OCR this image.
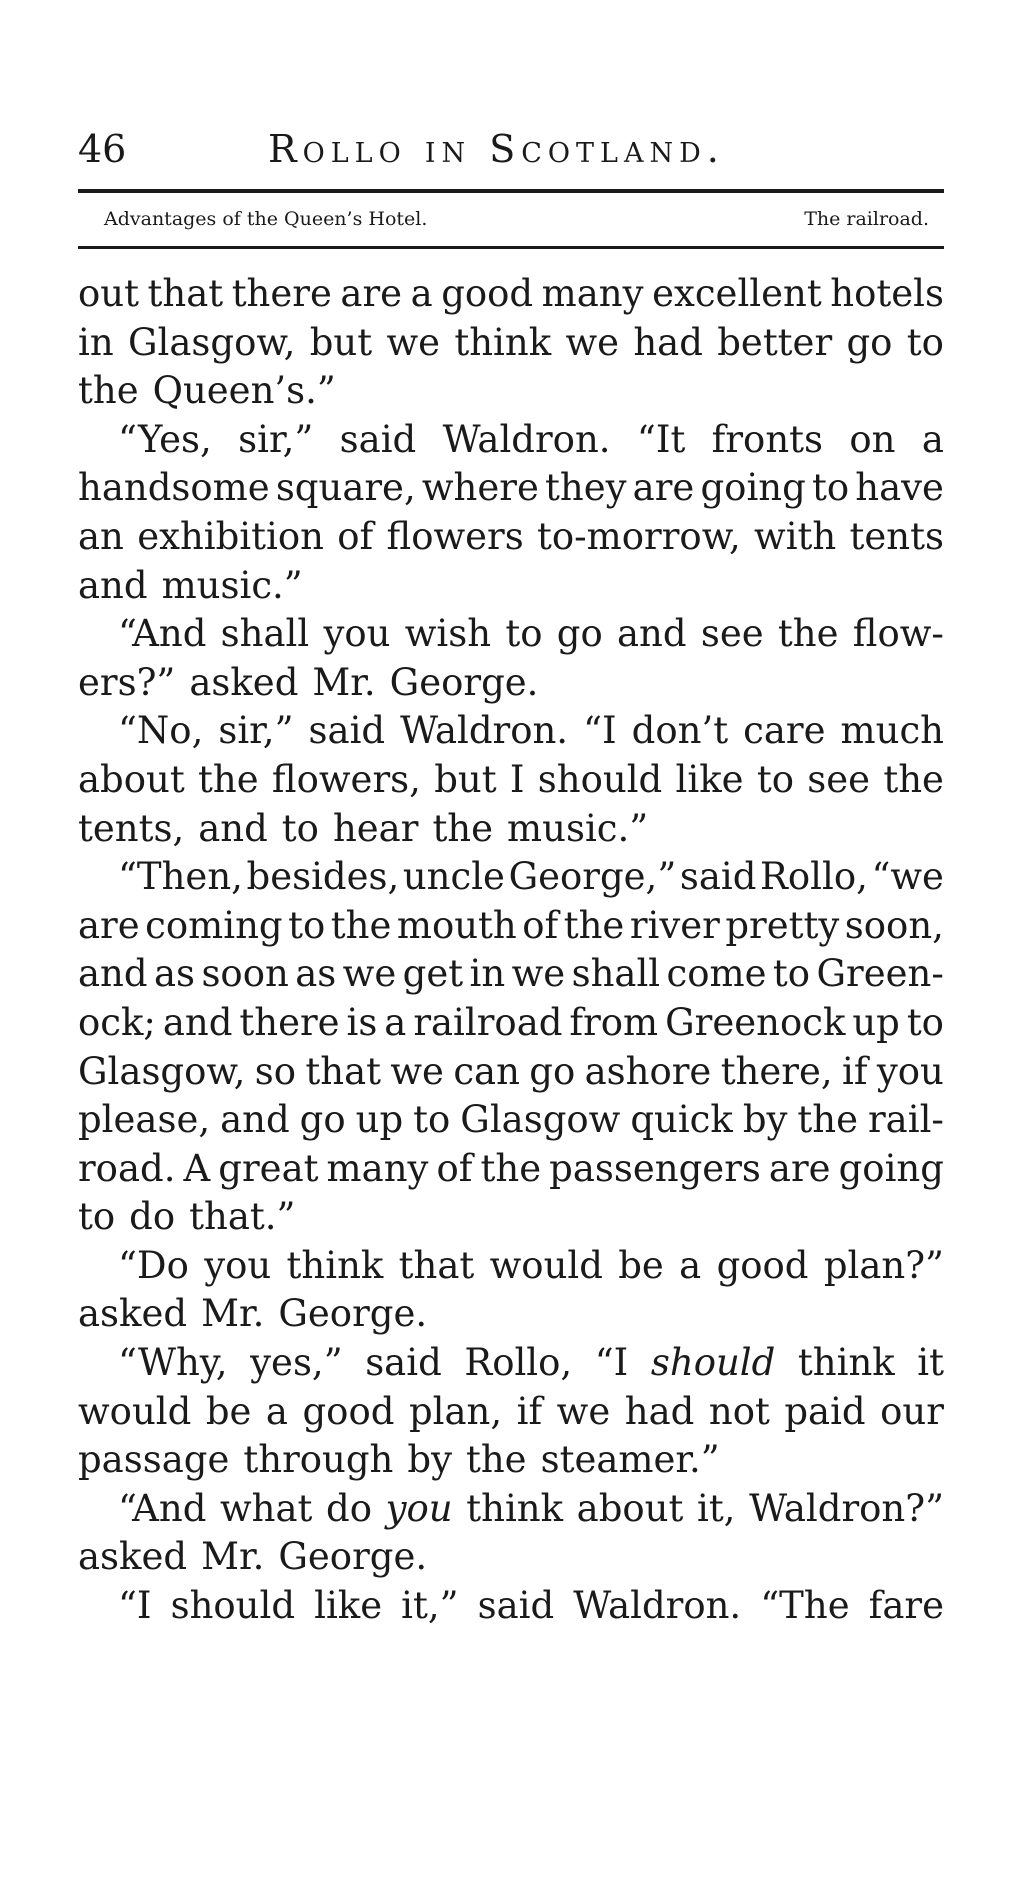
46	Rollo in Scotland.
Advantages of the Queen’s Hotel.	The railroad.
out that there are a good many excellent hotels
in Glasgow, but we think we had better go to
the Queen’s.”
“Yes, sir,” said Waldron. “It fronts on a
handsome square, where they are going to have
an exhibition of flowers to-morrow, with tents
and music.”
“And shall you wish to go and see the flow-
ers?” asked Mr. George.
“No, sir,” said Waldron. “I don’t care much
about the flowers, but I should like to see the
tents, and to hear the music.”
“Then, besides, uncle George,” said Rollo, “we
are coming to the mouth of the river pretty soon,
and as soon as we get in we shall come to Green-
ock; and there is a railroad from Greenock up to
Glasgow, so that we can go ashore there, if you
please, and go up to Glasgow quick by the rail-
road. A great many of the passengers are going
to do that.”
“Do you think that would be a good plan?”
asked Mr. George.
“Why, yes,” said Rollo, “I should think it
would be a good plan, if we had not paid our
passage through by the steamer.”
“And what do you think about it, Waldron?”
asked Mr. George.
“I should like it,” said Waldron. “The fare
